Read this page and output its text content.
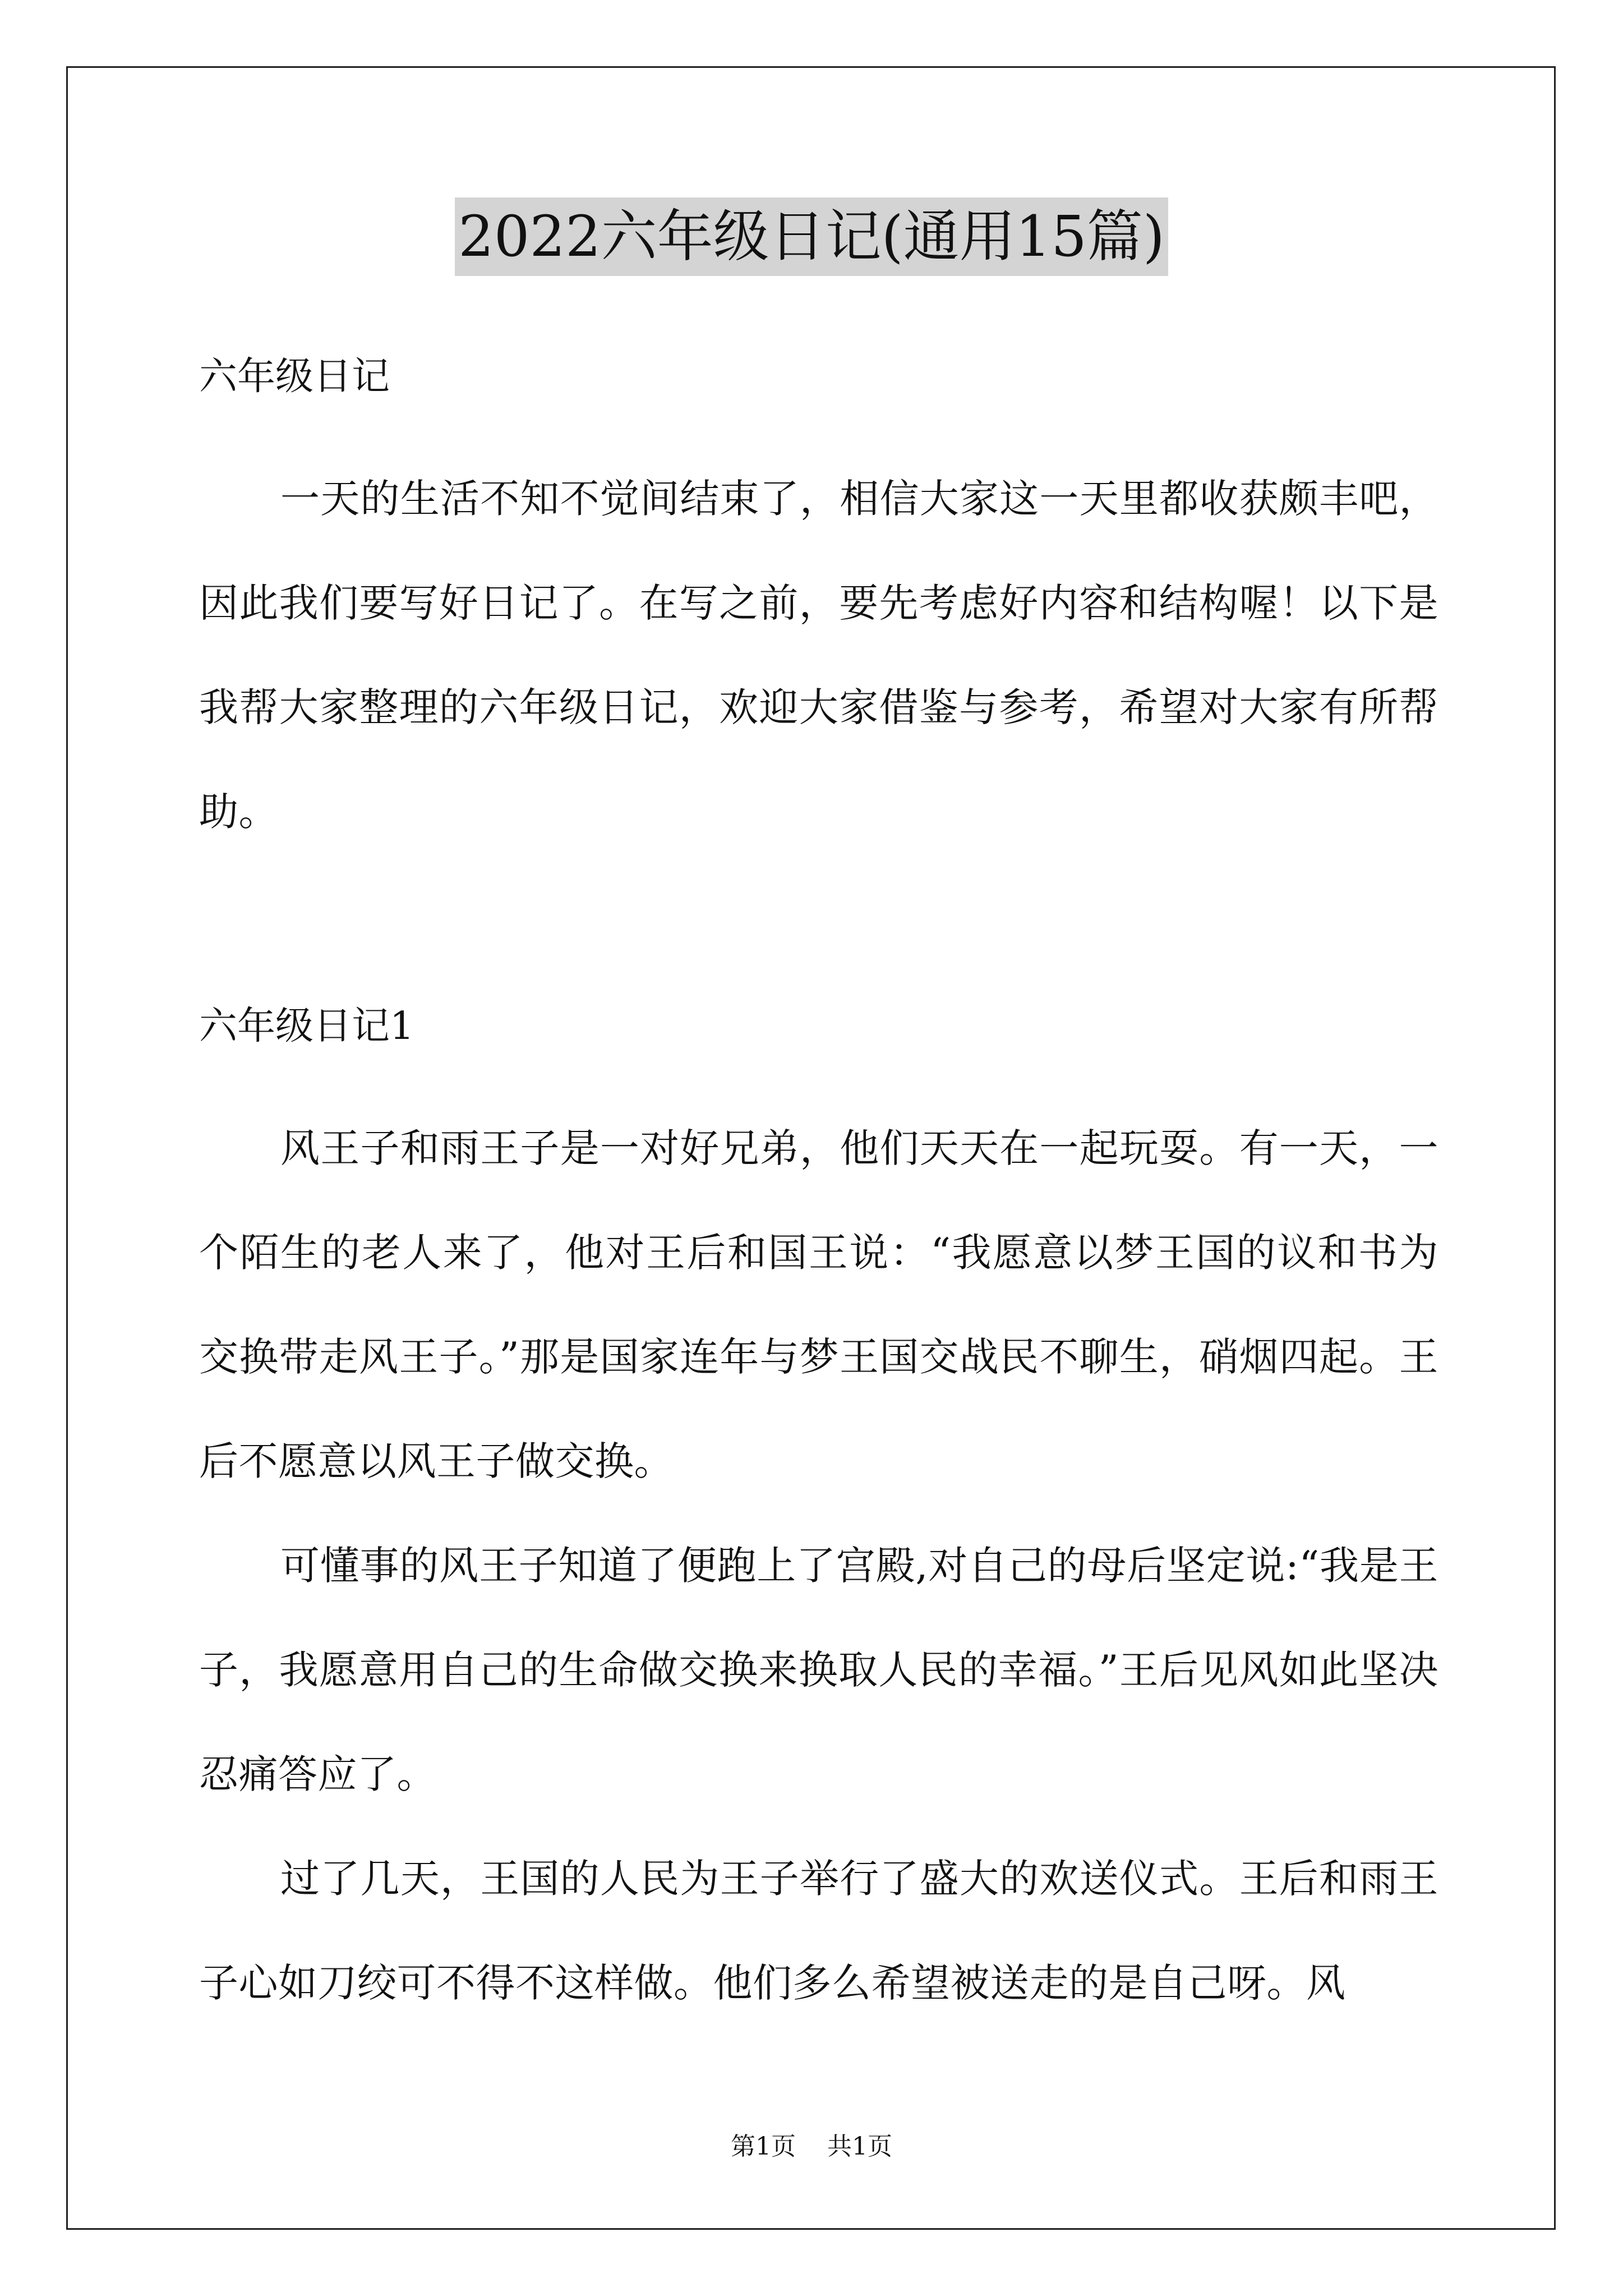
2022六年级日记(通用15篇)

六年级日记

一天的生活不知不觉间结束了，相信大家这一天里都收获颇丰吧，因此我们要写好日记了。在写之前，要先考虑好内容和结构喔！以下是我帮大家整理的六年级日记，欢迎大家借鉴与参考，希望对大家有所帮助。

六年级日记1

风王子和雨王子是一对好兄弟，他们天天在一起玩耍。有一天，一个陌生的老人来了，他对王后和国王说：“我愿意以梦王国的议和书为交换带走风王子。”那是国家连年与梦王国交战民不聊生，硝烟四起。王后不愿意以风王子做交换。

可懂事的风王子知道了便跑上了宫殿,对自己的母后坚定说:“我是王子，我愿意用自己的生命做交换来换取人民的幸福。”王后见风如此坚决忍痛答应了。

过了几天，王国的人民为王子举行了盛大的欢送仪式。王后和雨王子心如刀绞可不得不这样做。他们多么希望被送走的是自己呀。风

第1页    共1页
